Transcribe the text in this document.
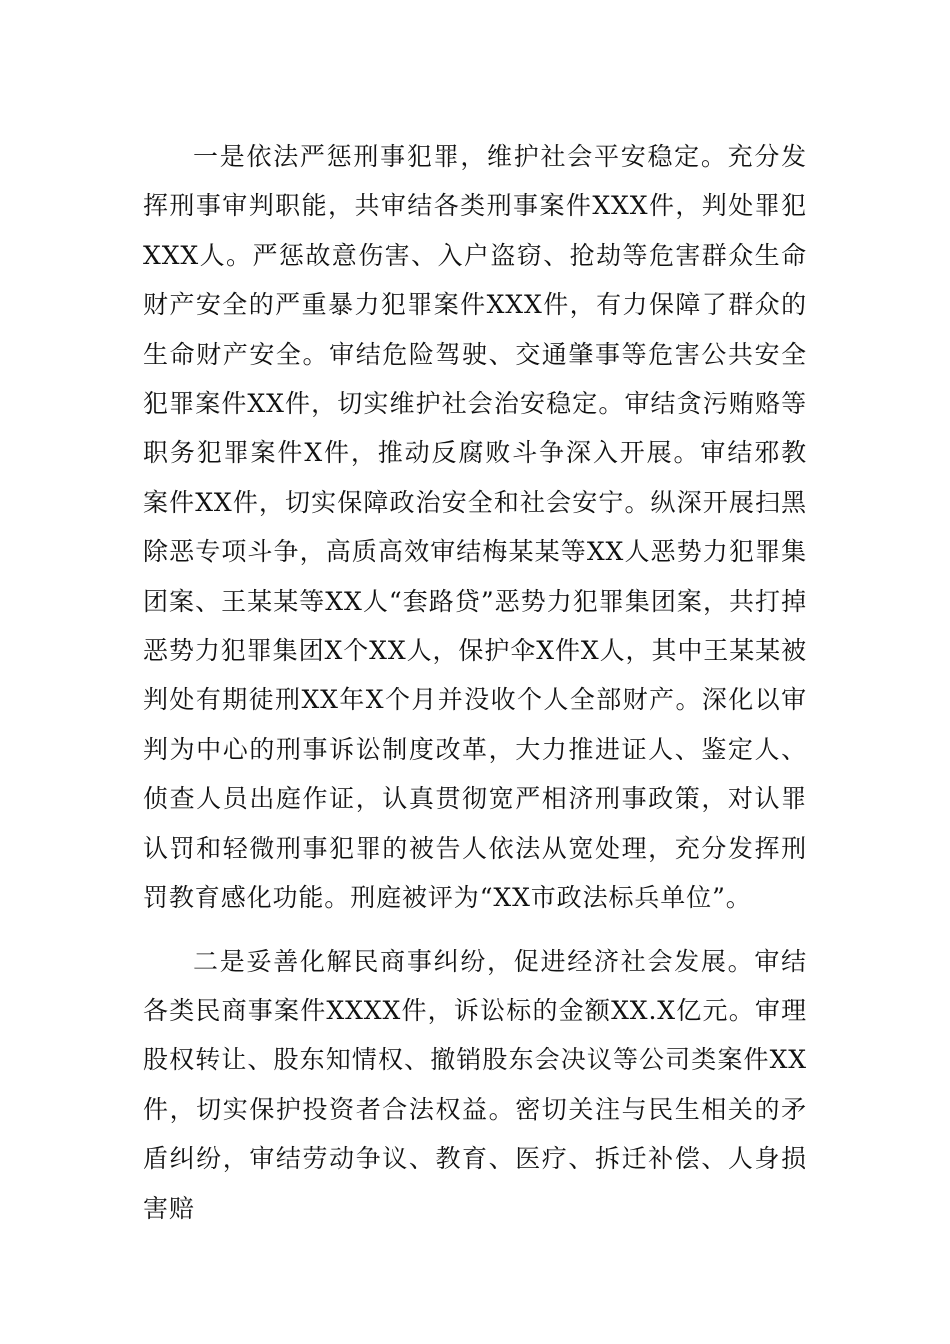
一是依法严惩刑事犯罪，维护社会平安稳定。充分发挥刑事审判职能，共审结各类刑事案件XXX件，判处罪犯XXX人。严惩故意伤害、入户盗窃、抢劫等危害群众生命财产安全的严重暴力犯罪案件XXX件，有力保障了群众的生命财产安全。审结危险驾驶、交通肇事等危害公共安全犯罪案件XX件，切实维护社会治安稳定。审结贪污贿赂等职务犯罪案件X件，推动反腐败斗争深入开展。审结邪教案件XX件，切实保障政治安全和社会安宁。纵深开展扫黑除恶专项斗争，高质高效审结梅某某等XX人恶势力犯罪集团案、王某某等XX人“套路贷”恶势力犯罪集团案，共打掉恶势力犯罪集团X个XX人，保护伞X件X人，其中王某某被判处有期徒刑XX年X个月并没收个人全部财产。深化以审判为中心的刑事诉讼制度改革，大力推进证人、鉴定人、侦查人员出庭作证，认真贯彻宽严相济刑事政策，对认罪认罚和轻微刑事犯罪的被告人依法从宽处理，充分发挥刑罚教育感化功能。刑庭被评为“XX市政法标兵单位”。

二是妥善化解民商事纠纷，促进经济社会发展。审结各类民商事案件XXXX件，诉讼标的金额XX.X亿元。审理股权转让、股东知情权、撤销股东会决议等公司类案件XX件，切实保护投资者合法权益。密切关注与民生相关的矛盾纠纷，审结劳动争议、教育、医疗、拆迁补偿、人身损害赔
